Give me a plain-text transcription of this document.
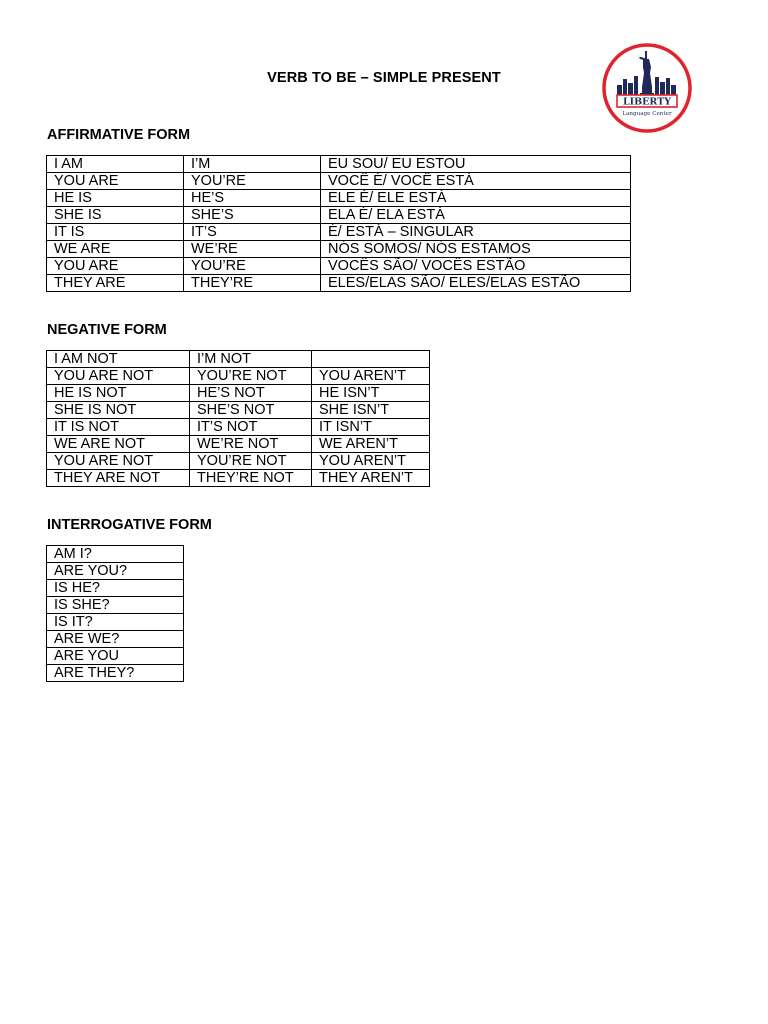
VERB TO BE – SIMPLE PRESENT
LIBERTY
Language Center
AFFIRMATIVE FORM
I AM	I’M	EU SOU/ EU ESTOU
YOU ARE	YOU’RE	VOCÊ É/ VOCÊ ESTÁ
HE IS	HE’S	ELE É/ ELE ESTÁ
SHE IS	SHE’S	ELA É/ ELA ESTÁ
IT IS	IT’S	É/ ESTÁ – SINGULAR
WE ARE	WE’RE	NÓS SOMOS/ NÓS ESTAMOS
YOU ARE	YOU’RE	VOCÊS SÃO/ VOCÊS ESTÃO
THEY ARE	THEY’RE	ELES/ELAS SÃO/ ELES/ELAS ESTÃO
NEGATIVE FORM
I AM NOT	I’M NOT	
YOU ARE NOT	YOU’RE NOT	YOU AREN’T
HE IS NOT	HE’S NOT	HE ISN’T
SHE IS NOT	SHE’S NOT	SHE ISN’T
IT IS NOT	IT’S NOT	IT ISN’T
WE ARE NOT	WE’RE NOT	WE AREN’T
YOU ARE NOT	YOU’RE NOT	YOU AREN’T
THEY ARE NOT	THEY’RE NOT	THEY AREN’T
INTERROGATIVE FORM
AM I?
ARE YOU?
IS HE?
IS SHE?
IS IT?
ARE WE?
ARE YOU
ARE THEY?
